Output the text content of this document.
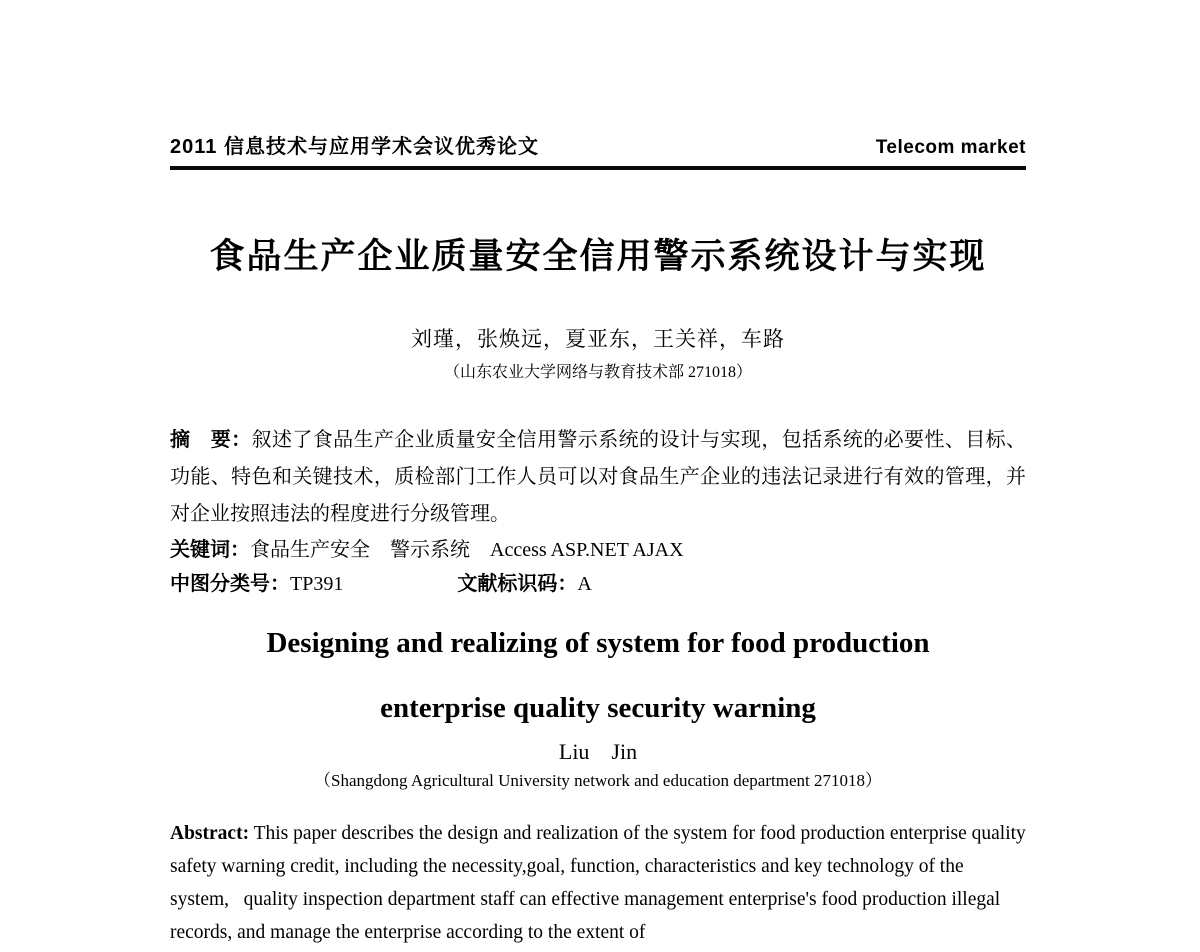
2011 信息技术与应用学术会议优秀论文	Telecom market
食品生产企业质量安全信用警示系统设计与实现
刘瑾，张焕远，夏亚东，王关祥，车路
（山东农业大学网络与教育技术部 271018）

摘　要：叙述了食品生产企业质量安全信用警示系统的设计与实现，包括系统的必要性、目标、功能、特色和关键技术，质检部门工作人员可以对食品生产企业的违法记录进行有效的管理，并对企业按照违法的程度进行分级管理。

关键词：食品生产安全　警示系统　Access ASP.NET AJAX

中图分类号：TP391	文献标识码：A

Designing and realizing of system for food production
enterprise quality security warning
Liu　Jin
（Shangdong Agricultural University network and education department 271018）

Abstract: This paper describes the design and realization of the system for food production enterprise quality safety warning credit, including the necessity,goal, function, characteristics and key technology of the system,   quality inspection department staff can effective management enterprise's food production illegal records, and manage the enterprise according to the extent of
